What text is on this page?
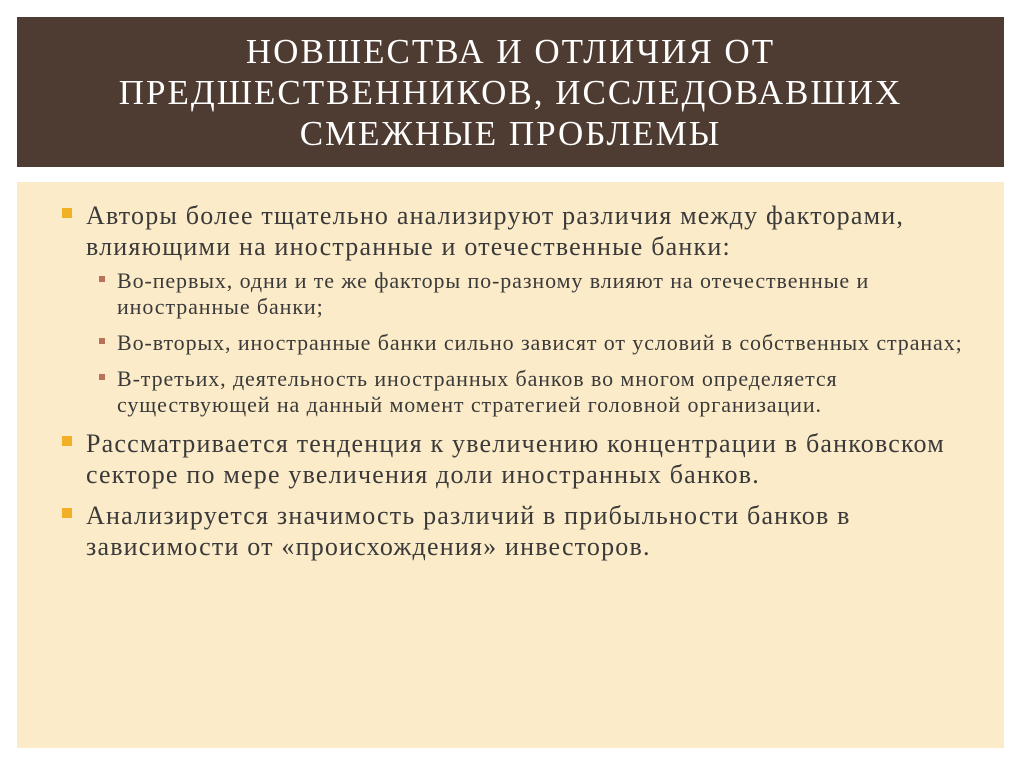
НОВШЕСТВА И ОТЛИЧИЯ ОТ
ПРЕДШЕСТВЕННИКОВ, ИССЛЕДОВАВШИХ
СМЕЖНЫЕ ПРОБЛЕМЫ
Авторы более тщательно анализируют различия между факторами, влияющими на иностранные и отечественные банки:
Во-первых, одни и те же факторы по-разному влияют на отечественные и иностранные банки;
Во-вторых, иностранные банки сильно зависят от условий в собственных странах;
В-третьих, деятельность иностранных банков во многом определяется существующей на данный момент стратегией головной организации.
Рассматривается тенденция к увеличению концентрации в банковском секторе по мере увеличения доли иностранных банков.
Анализируется значимость различий в прибыльности банков в зависимости от «происхождения» инвесторов.
